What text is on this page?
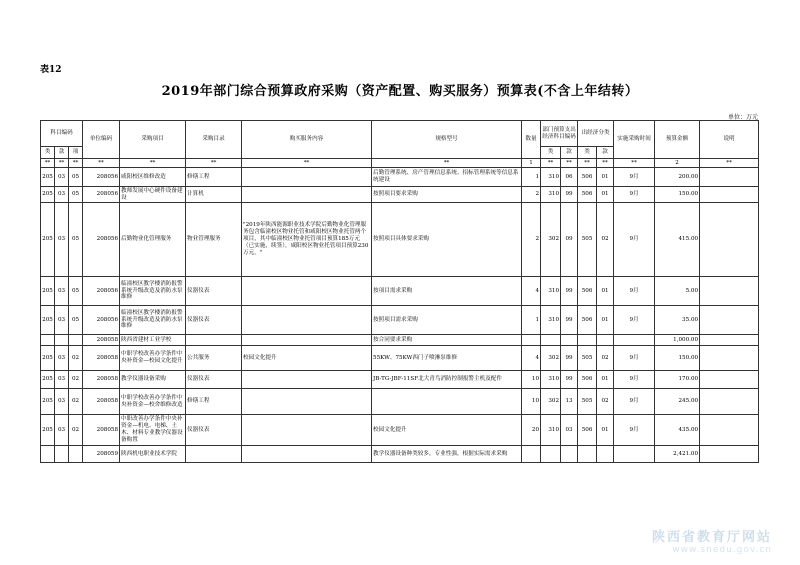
表12
2019年部门综合预算政府采购（资产配置、购买服务）预算表(不含上年结转）
单位：万元
科目编码			单位编码	采购项目	采购目录	购买服务内容	规格型号	数量	部门预算支出经济科目编码		出经济分类		实施采购时间	预算金额	说明
类	款	项							类	款	类	款			
**	**	**	**	**	**	**	**	1	**	**	**	**	**	2	**
205	03	05	208056	咸阳校区维修改造	修缮工程		后勤管理系统、房产管理信息系统、招标管理系统等信息系统建设	1	310	06	506	01	9月	200.00	
205	03	05	208056	教师发展中心硬件设备建设	计算机		按照项目要求采购	2	310	99	506	01	9月	150.00	
205	03	05	208056	后勤物业化管理服务	物业管理服务	"2019年陕西能源职业技术学院后勤物业化管理服务包含临潼校区物业托管和咸阳校区物业托管两个项目，其中临潼校区物业托管项目预算185万元（已实施，续签），咸阳校区物业托管项目预算230万元。"	按照项目具体要求采购	2	302	09	505	02	9月	415.00	
205	03	05	208056	临潼校区教学楼消防报警系统升级改造及消防水泵维修	仪器仪表		按项目需求采购	4	310	99	506	01	9月	5.00	
205	03	05	208056	临潼校区教学楼消防报警系统升级改造及消防水泵维修	仪器仪表		按照项目需求采购	1	310	99	506	01	9月	35.00	
			208058	陕西省建材工业学校			按合同要求采购							1,000.00	
205	03	02	208058	中职学校改善办学条件中央补资金—校园文化提升	公共服务	校园文化提升	55KW、75KW西门子喷淋泵维修	4	302	99	505	02	9月	150.00	
205	03	02	208058	教学仪器设备采购	仪器仪表		JB-TG-JBF-11SF北大青鸟消防控制报警主机及配件	10	310	99	506	01	9月	170.00	
205	03	02	208058	中职学校改善办学条件中央补资金—校舍维修改造	修缮工程			10	302	13	505	02	9月	245.00	
205	03	02	208058	中职改善办学条件中央补资金—机电、电梯、土木、材料专业教学仪器设备购置	仪器仪表		校园文化提升	20	310	03	506	01	9月	435.00	
			208059	陕西机电职业技术学院			教学仪器设备种类较多，专业性强，根据实际需求采购							2,421.00	
陕西省教育厅网站
www.snedu.gov.cn
